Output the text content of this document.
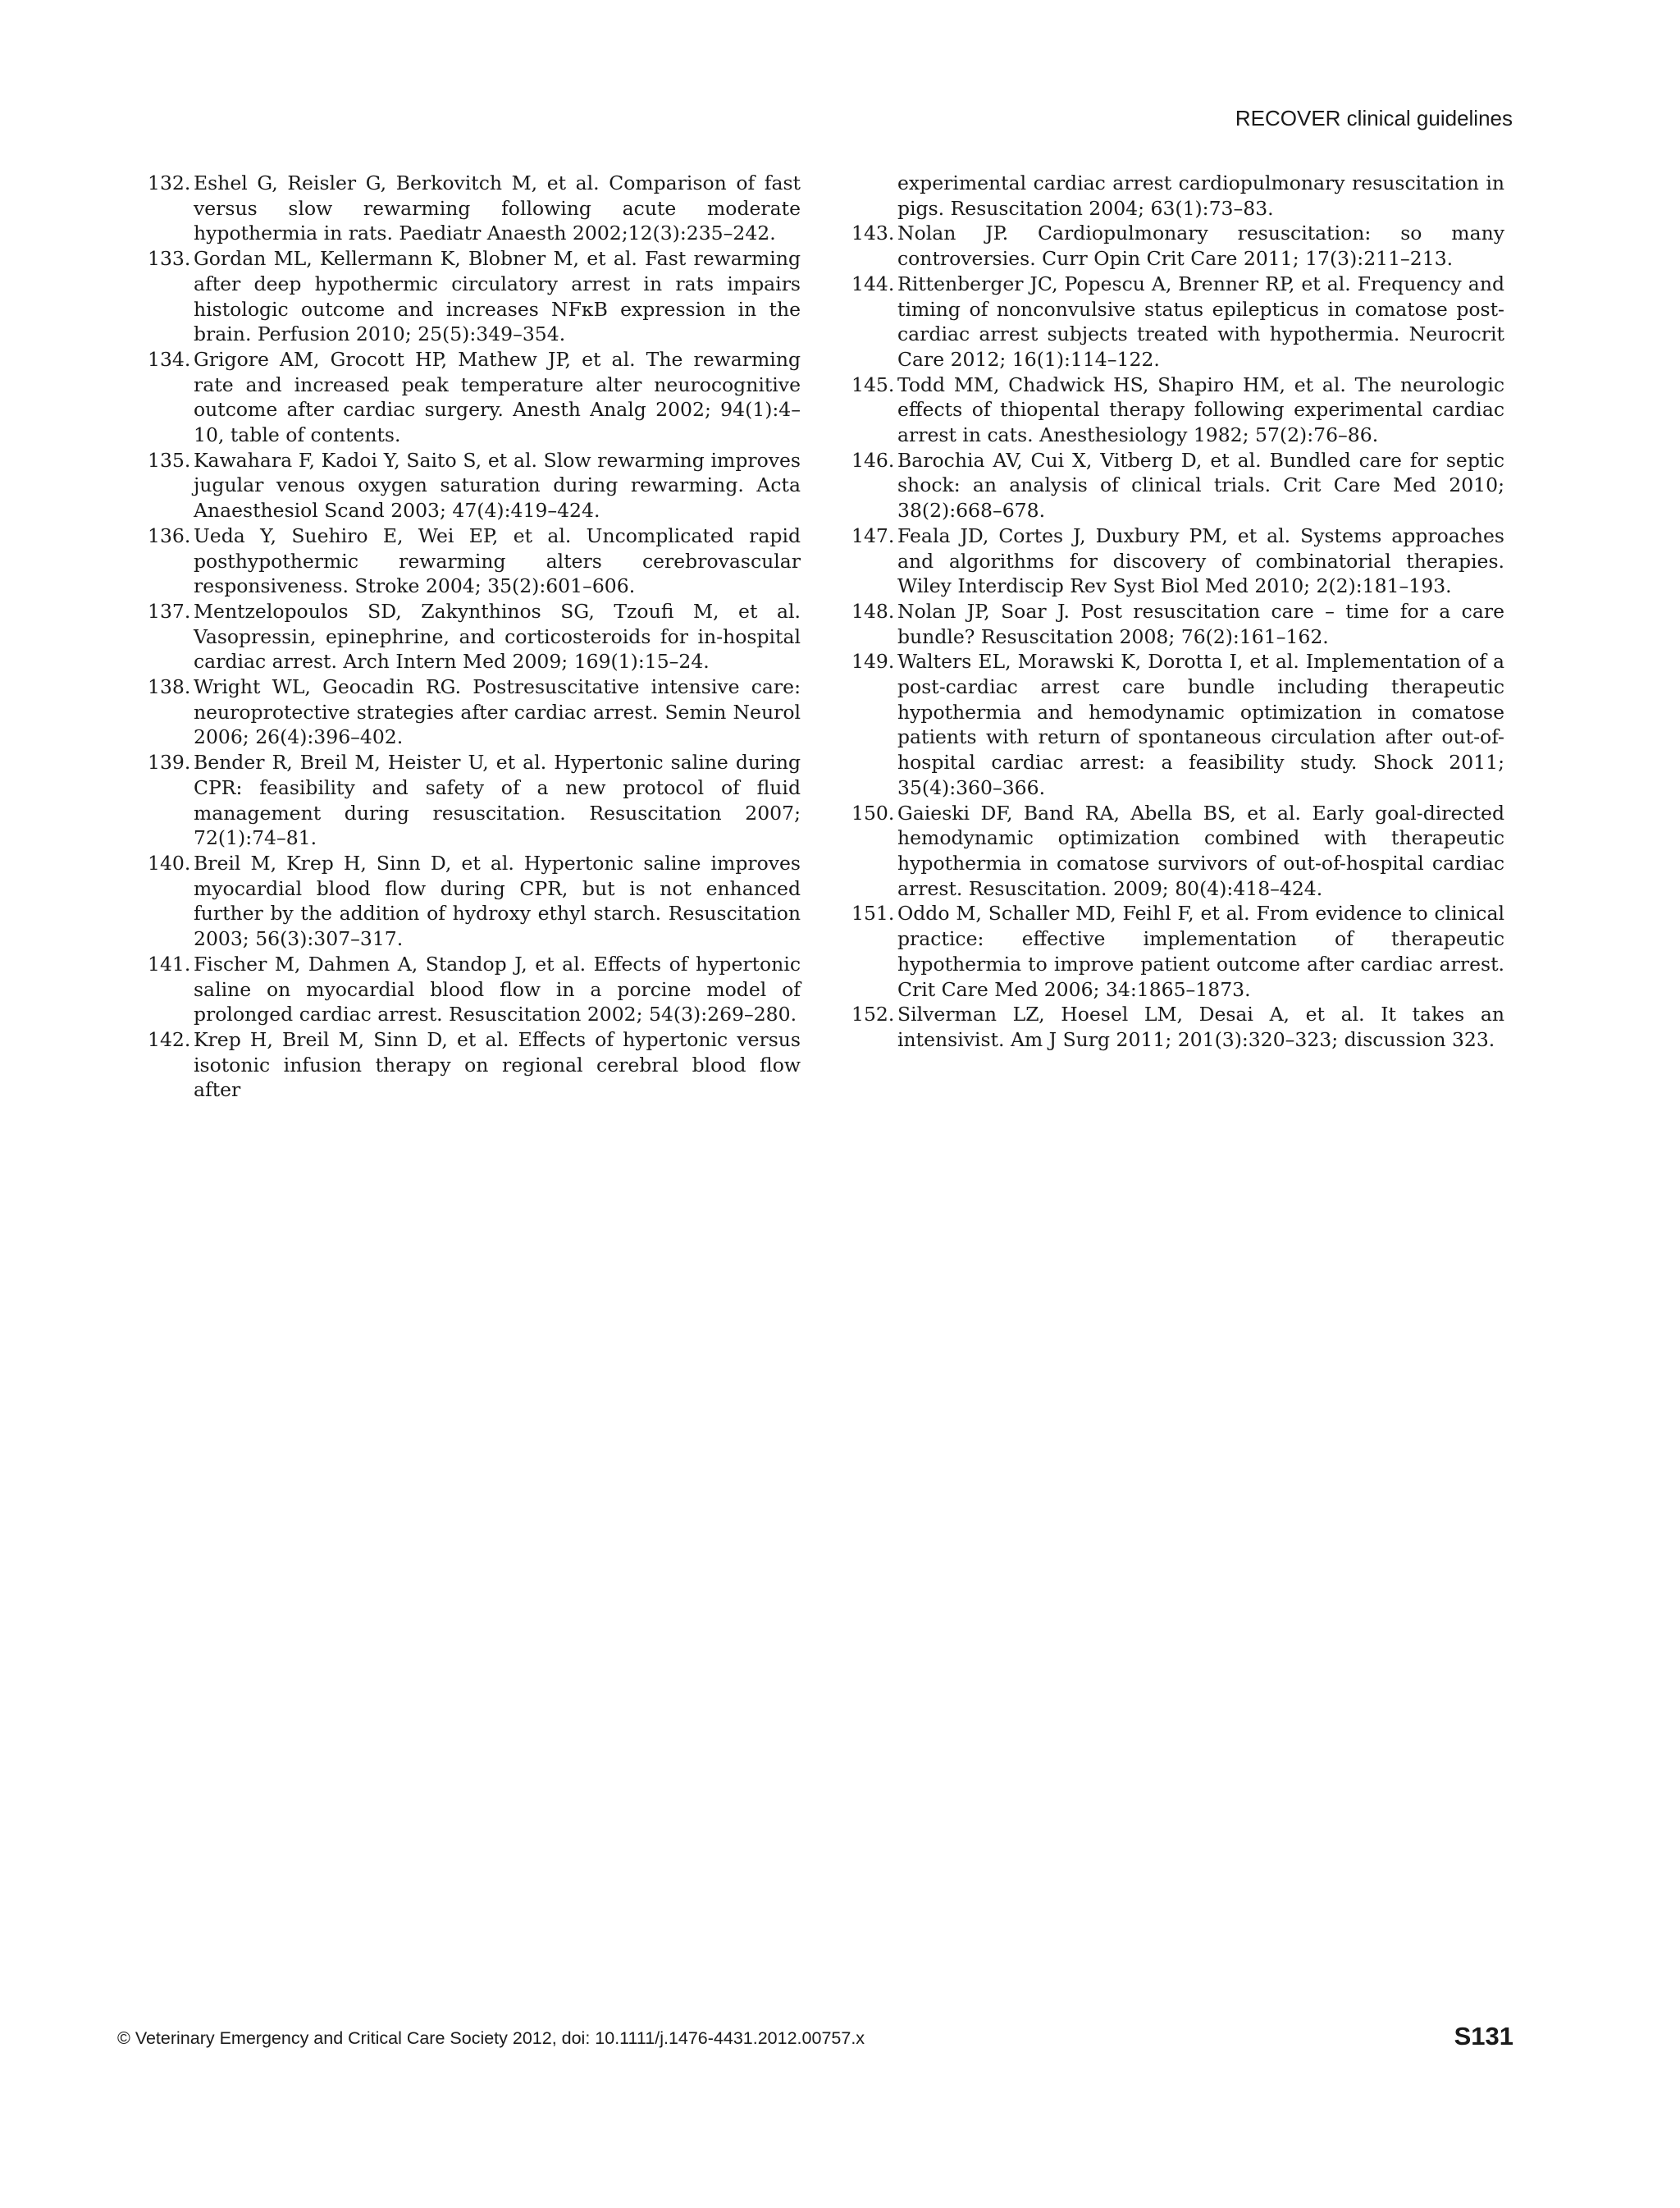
RECOVER clinical guidelines
132. Eshel G, Reisler G, Berkovitch M, et al. Comparison of fast versus slow rewarming following acute moderate hypothermia in rats. Paediatr Anaesth 2002;12(3):235–242.
133. Gordan ML, Kellermann K, Blobner M, et al. Fast rewarming after deep hypothermic circulatory arrest in rats impairs histologic outcome and increases NFκB expression in the brain. Perfusion 2010; 25(5):349–354.
134. Grigore AM, Grocott HP, Mathew JP, et al. The rewarming rate and increased peak temperature alter neurocognitive outcome after cardiac surgery. Anesth Analg 2002; 94(1):4–10, table of contents.
135. Kawahara F, Kadoi Y, Saito S, et al. Slow rewarming improves jugular venous oxygen saturation during rewarming. Acta Anaesthesiol Scand 2003; 47(4):419–424.
136. Ueda Y, Suehiro E, Wei EP, et al. Uncomplicated rapid posthypothermic rewarming alters cerebrovascular responsiveness. Stroke 2004; 35(2):601–606.
137. Mentzelopoulos SD, Zakynthinos SG, Tzoufi M, et al. Vasopressin, epinephrine, and corticosteroids for in-hospital cardiac arrest. Arch Intern Med 2009; 169(1):15–24.
138. Wright WL, Geocadin RG. Postresuscitative intensive care: neuroprotective strategies after cardiac arrest. Semin Neurol 2006; 26(4):396–402.
139. Bender R, Breil M, Heister U, et al. Hypertonic saline during CPR: feasibility and safety of a new protocol of fluid management during resuscitation. Resuscitation 2007; 72(1):74–81.
140. Breil M, Krep H, Sinn D, et al. Hypertonic saline improves myocardial blood flow during CPR, but is not enhanced further by the addition of hydroxy ethyl starch. Resuscitation 2003; 56(3):307–317.
141. Fischer M, Dahmen A, Standop J, et al. Effects of hypertonic saline on myocardial blood flow in a porcine model of prolonged cardiac arrest. Resuscitation 2002; 54(3):269–280.
142. Krep H, Breil M, Sinn D, et al. Effects of hypertonic versus isotonic infusion therapy on regional cerebral blood flow after
experimental cardiac arrest cardiopulmonary resuscitation in pigs. Resuscitation 2004; 63(1):73–83.
143. Nolan JP. Cardiopulmonary resuscitation: so many controversies. Curr Opin Crit Care 2011; 17(3):211–213.
144. Rittenberger JC, Popescu A, Brenner RP, et al. Frequency and timing of nonconvulsive status epilepticus in comatose post-cardiac arrest subjects treated with hypothermia. Neurocrit Care 2012; 16(1):114–122.
145. Todd MM, Chadwick HS, Shapiro HM, et al. The neurologic effects of thiopental therapy following experimental cardiac arrest in cats. Anesthesiology 1982; 57(2):76–86.
146. Barochia AV, Cui X, Vitberg D, et al. Bundled care for septic shock: an analysis of clinical trials. Crit Care Med 2010; 38(2):668–678.
147. Feala JD, Cortes J, Duxbury PM, et al. Systems approaches and algorithms for discovery of combinatorial therapies. Wiley Interdiscip Rev Syst Biol Med 2010; 2(2):181–193.
148. Nolan JP, Soar J. Post resuscitation care – time for a care bundle? Resuscitation 2008; 76(2):161–162.
149. Walters EL, Morawski K, Dorotta I, et al. Implementation of a post-cardiac arrest care bundle including therapeutic hypothermia and hemodynamic optimization in comatose patients with return of spontaneous circulation after out-of-hospital cardiac arrest: a feasibility study. Shock 2011; 35(4):360–366.
150. Gaieski DF, Band RA, Abella BS, et al. Early goal-directed hemodynamic optimization combined with therapeutic hypothermia in comatose survivors of out-of-hospital cardiac arrest. Resuscitation. 2009; 80(4):418–424.
151. Oddo M, Schaller MD, Feihl F, et al. From evidence to clinical practice: effective implementation of therapeutic hypothermia to improve patient outcome after cardiac arrest. Crit Care Med 2006; 34:1865–1873.
152. Silverman LZ, Hoesel LM, Desai A, et al. It takes an intensivist. Am J Surg 2011; 201(3):320–323; discussion 323.
© Veterinary Emergency and Critical Care Society 2012, doi: 10.1111/j.1476-4431.2012.00757.x	S131
